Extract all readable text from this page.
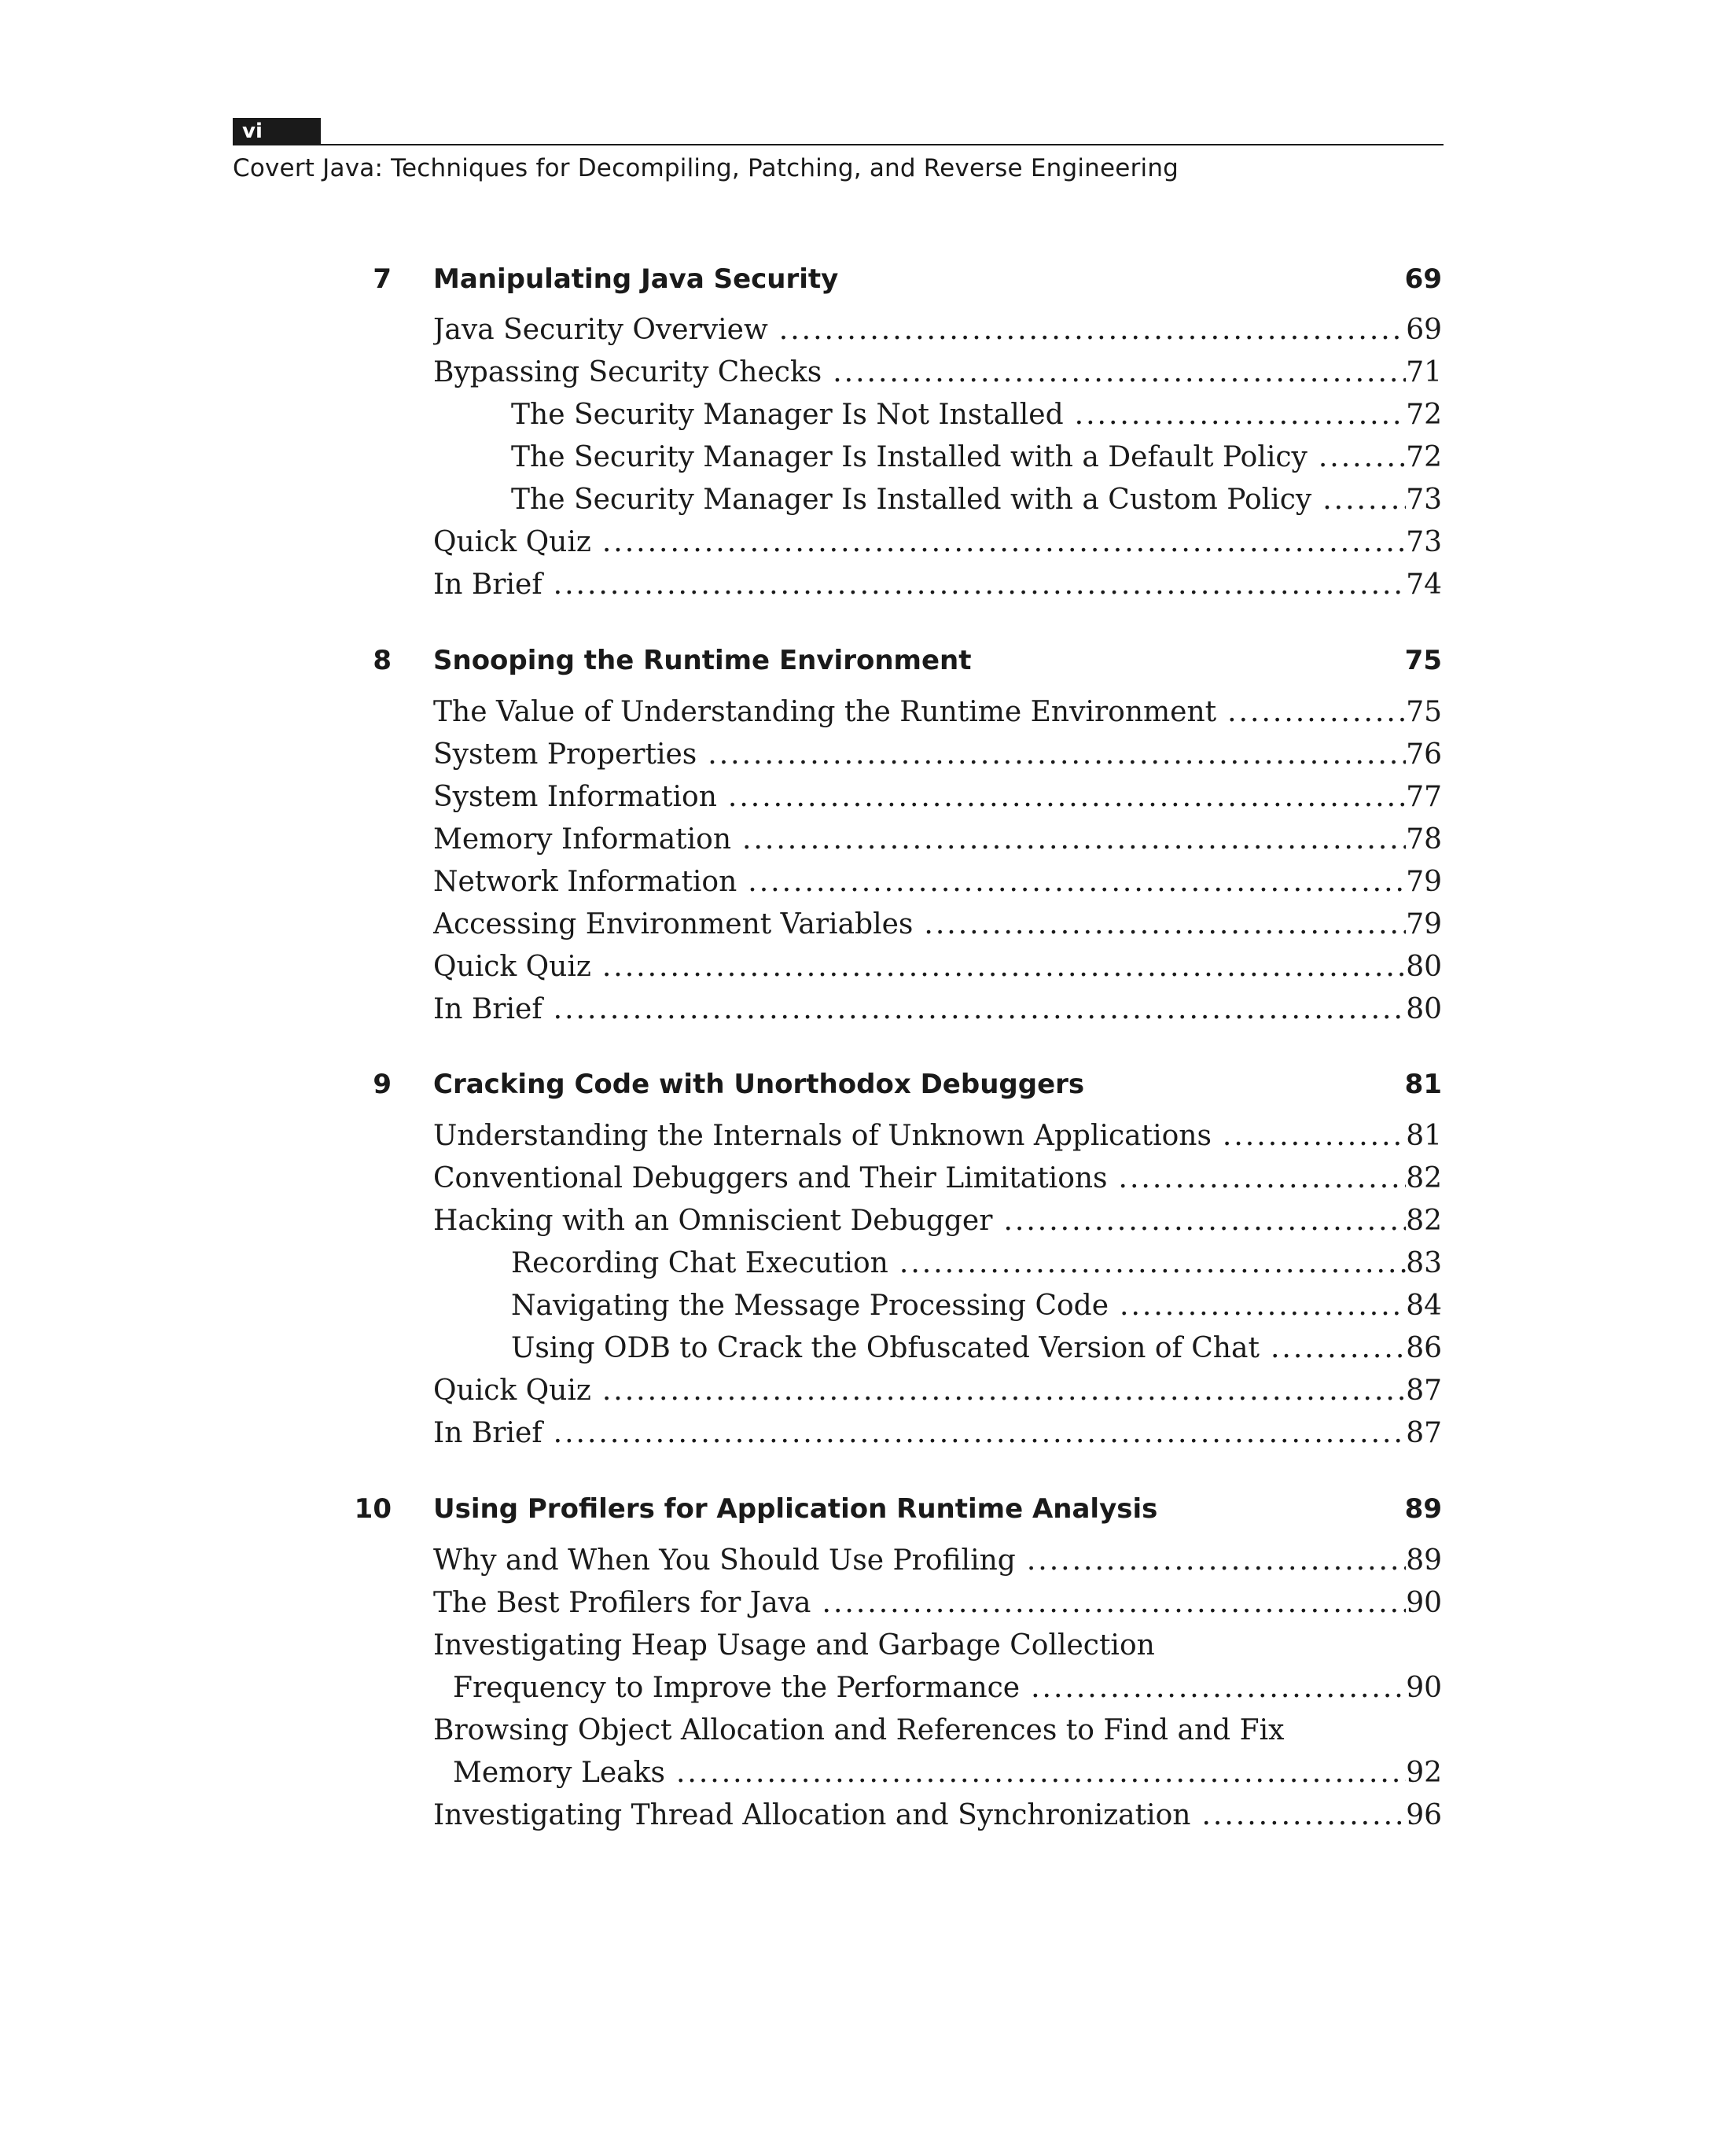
vi
Covert Java: Techniques for Decompiling, Patching, and Reverse Engineering
7 Manipulating Java Security	69
Java Security Overview .....	69
Bypassing Security Checks .....	71
The Security Manager Is Not Installed .....	72
The Security Manager Is Installed with a Default Policy .....	72
The Security Manager Is Installed with a Custom Policy .....	73
Quick Quiz .....	73
In Brief .....	74
8 Snooping the Runtime Environment	75
The Value of Understanding the Runtime Environment .....	75
System Properties .....	76
System Information .....	77
Memory Information .....	78
Network Information .....	79
Accessing Environment Variables .....	79
Quick Quiz .....	80
In Brief .....	80
9 Cracking Code with Unorthodox Debuggers	81
Understanding the Internals of Unknown Applications .....	81
Conventional Debuggers and Their Limitations .....	82
Hacking with an Omniscient Debugger .....	82
Recording Chat Execution .....	83
Navigating the Message Processing Code .....	84
Using ODB to Crack the Obfuscated Version of Chat .....	86
Quick Quiz .....	87
In Brief .....	87
10 Using Profilers for Application Runtime Analysis	89
Why and When You Should Use Profiling .....	89
The Best Profilers for Java .....	90
Investigating Heap Usage and Garbage Collection
Frequency to Improve the Performance .....	90
Browsing Object Allocation and References to Find and Fix
Memory Leaks .....	92
Investigating Thread Allocation and Synchronization .....	96
